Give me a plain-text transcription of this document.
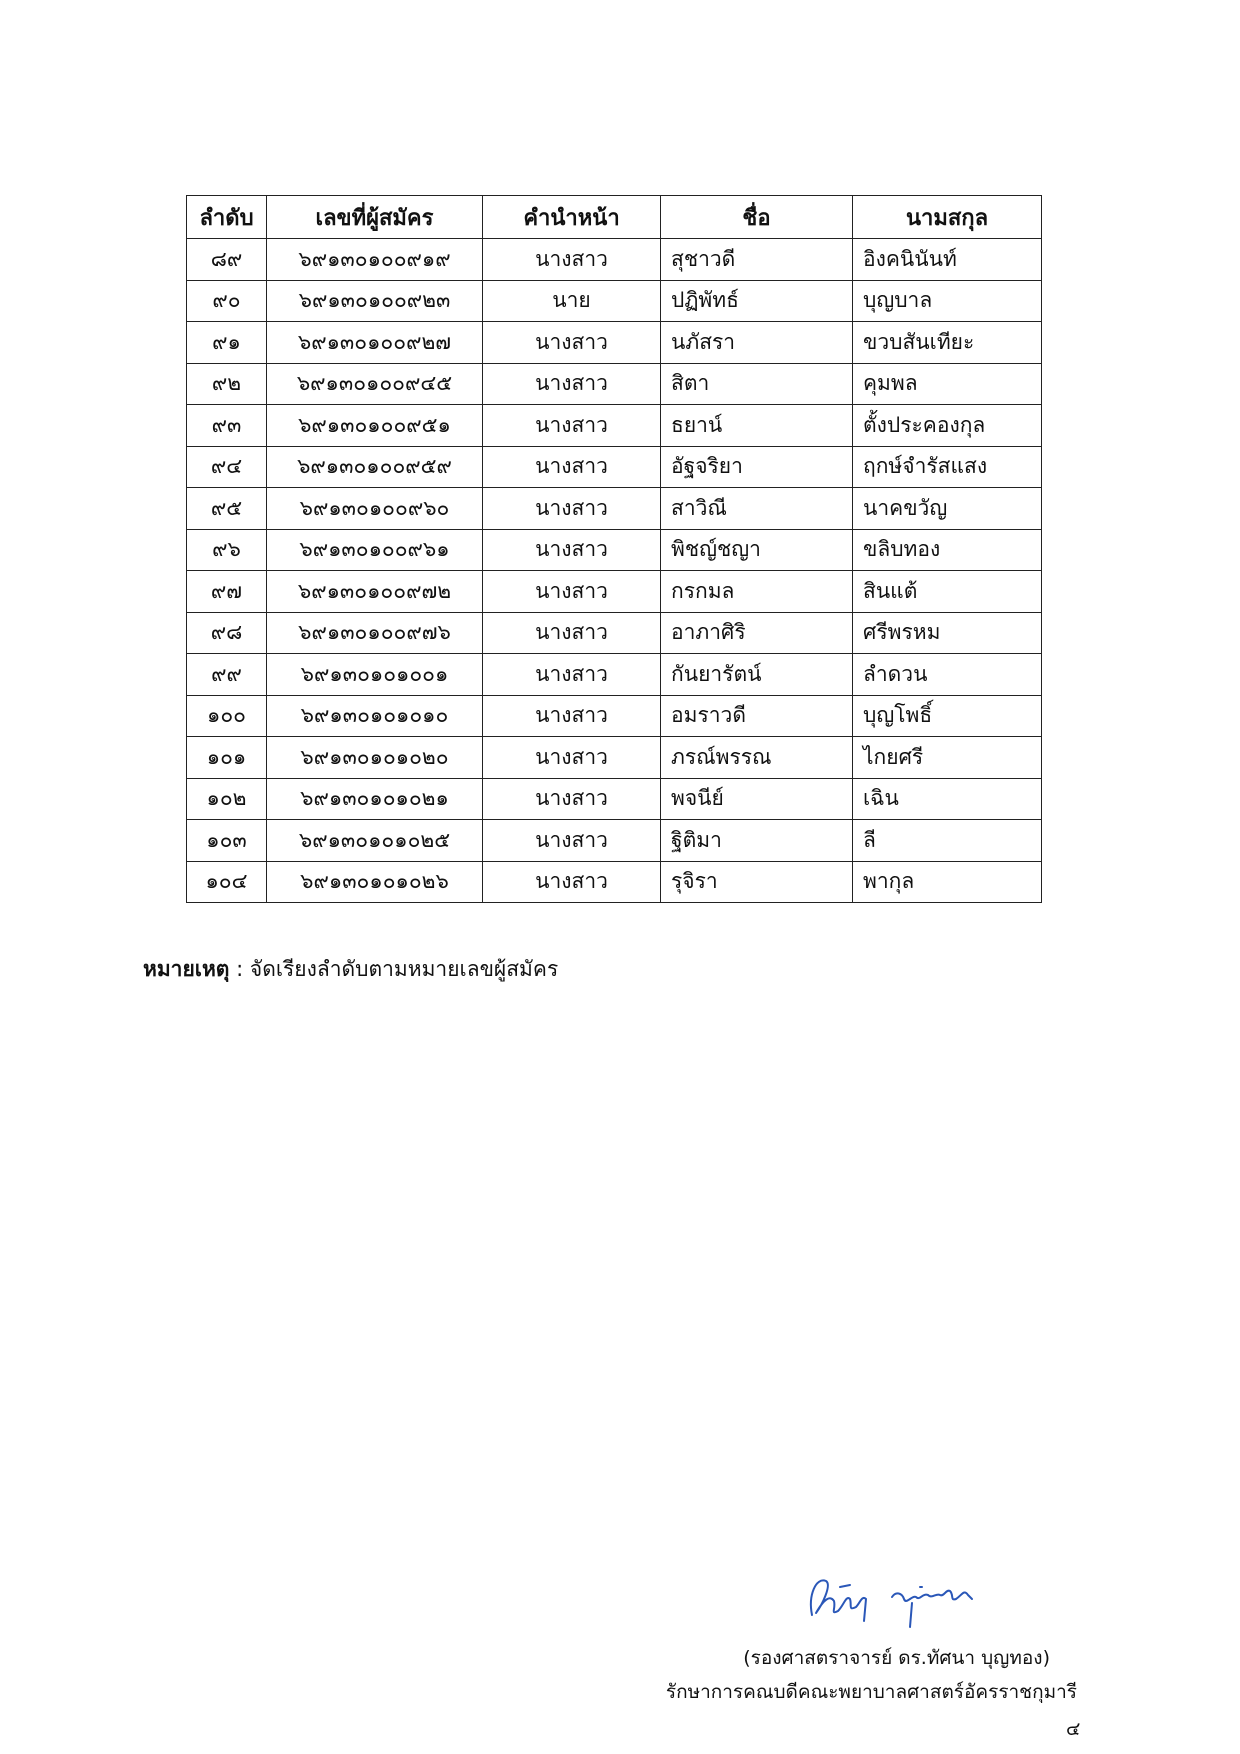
ลำดับ	เลขที่ผู้สมัคร	คำนำหน้า	ชื่อ	นามสกุล
๘๙	๖๙๑๓๐๑๐๐๙๑๙	นางสาว	สุชาวดี	อิงคนินันท์
๙๐	๖๙๑๓๐๑๐๐๙๒๓	นาย	ปฏิพัทธ์	บุญบาล
๙๑	๖๙๑๓๐๑๐๐๙๒๗	นางสาว	นภัสรา	ขวบสันเทียะ
๙๒	๖๙๑๓๐๑๐๐๙๔๕	นางสาว	สิตา	คุมพล
๙๓	๖๙๑๓๐๑๐๐๙๕๑	นางสาว	ธยาน์	ตั้งประคองกุล
๙๔	๖๙๑๓๐๑๐๐๙๕๙	นางสาว	อัฐจริยา	ฤกษ์จำรัสแสง
๙๕	๖๙๑๓๐๑๐๐๙๖๐	นางสาว	สาวิณี	นาคขวัญ
๙๖	๖๙๑๓๐๑๐๐๙๖๑	นางสาว	พิชญ์ชญา	ขลิบทอง
๙๗	๖๙๑๓๐๑๐๐๙๗๒	นางสาว	กรกมล	สินแต้
๙๘	๖๙๑๓๐๑๐๐๙๗๖	นางสาว	อาภาศิริ	ศรีพรหม
๙๙	๖๙๑๓๐๑๐๑๐๐๑	นางสาว	กันยารัตน์	ลำดวน
๑๐๐	๖๙๑๓๐๑๐๑๐๑๐	นางสาว	อมราวดี	บุญโพธิ์
๑๐๑	๖๙๑๓๐๑๐๑๐๒๐	นางสาว	ภรณ์พรรณ	ไกยศรี
๑๐๒	๖๙๑๓๐๑๐๑๐๒๑	นางสาว	พจนีย์	เฉิน
๑๐๓	๖๙๑๓๐๑๐๑๐๒๕	นางสาว	ฐิติมา	ลี
๑๐๔	๖๙๑๓๐๑๐๑๐๒๖	นางสาว	รุจิรา	พากุล
หมายเหตุ : จัดเรียงลำดับตามหมายเลขผู้สมัคร
(รองศาสตราจารย์ ดร.ทัศนา บุญทอง)
รักษาการคณบดีคณะพยาบาลศาสตร์อัครราชกุมารี
๔
